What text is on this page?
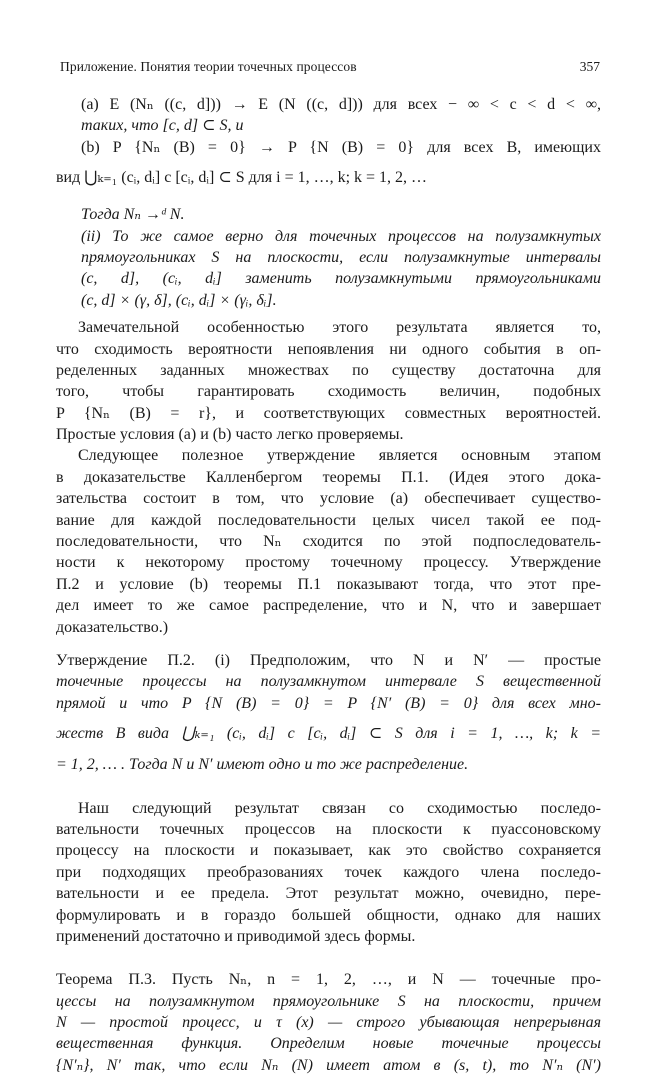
Приложение. Понятия теории точечных процессов	357
(a) E (Nₙ ((c, d])) → E (N ((c, d])) для всех − ∞ < c < d < ∞,
таких, что [c, d] ⊂ S, и
(b) P {Nₙ (B) = 0} → P {N (B) = 0} для всех B, имеющих
вид ⋃ₖ₌₁ (cᵢ, dᵢ] с [cᵢ, dᵢ] ⊂ S для i = 1, …, k; k = 1, 2, …
Тогда Nₙ →ᵈ N.
(ii) То же самое верно для точечных процессов на полузамкнутых
прямоугольниках S на плоскости, если полузамкнутые интервалы
(c, d], (cᵢ, dᵢ] заменить полузамкнутыми прямоугольниками
(c, d] × (γ, δ], (cᵢ, dᵢ] × (γᵢ, δᵢ].
Замечательной особенностью этого результата является то,
что сходимость вероятности непоявления ни одного события в оп-
ределенных заданных множествах по существу достаточна для
того, чтобы гарантировать сходимость величин, подобных
P {Nₙ (B) = r}, и соответствующих совместных вероятностей.
Простые условия (a) и (b) часто легко проверяемы.
Следующее полезное утверждение является основным этапом
в доказательстве Калленбергом теоремы П.1. (Идея этого дока-
зательства состоит в том, что условие (a) обеспечивает существо-
вание для каждой последовательности целых чисел такой ее под-
последовательности, что Nₙ сходится по этой подпоследователь-
ности к некоторому простому точечному процессу. Утверждение
П.2 и условие (b) теоремы П.1 показывают тогда, что этот пре-
дел имеет то же самое распределение, что и N, что и завершает
доказательство.)
Утверждение П.2. (i) Предположим, что N и N′ — простые
точечные процессы на полузамкнутом интервале S вещественной
прямой и что P {N (B) = 0} = P {N′ (B) = 0} для всех мно-
жеств B вида ⋃ₖ₌₁ (cᵢ, dᵢ] с [cᵢ, dᵢ] ⊂ S для i = 1, …, k; k =
= 1, 2, … . Тогда N и N′ имеют одно и то же распределение.
Наш следующий результат связан со сходимостью последо-
вательности точечных процессов на плоскости к пуассоновскому
процессу на плоскости и показывает, как это свойство сохраняется
при подходящих преобразованиях точек каждого члена последо-
вательности и ее предела. Этот результат можно, очевидно, пере-
формулировать и в гораздо большей общности, однако для наших
применений достаточно и приводимой здесь формы.
Теорема П.3. Пусть Nₙ, n = 1, 2, …, и N — точечные про-
цессы на полузамкнутом прямоугольнике S на плоскости, причем
N — простой процесс, и τ (x) — строго убывающая непрерывная
вещественная функция. Определим новые точечные процессы
{N′ₙ}, N′ так, что если Nₙ (N) имеет атом в (s, t), то N′ₙ (N′)
